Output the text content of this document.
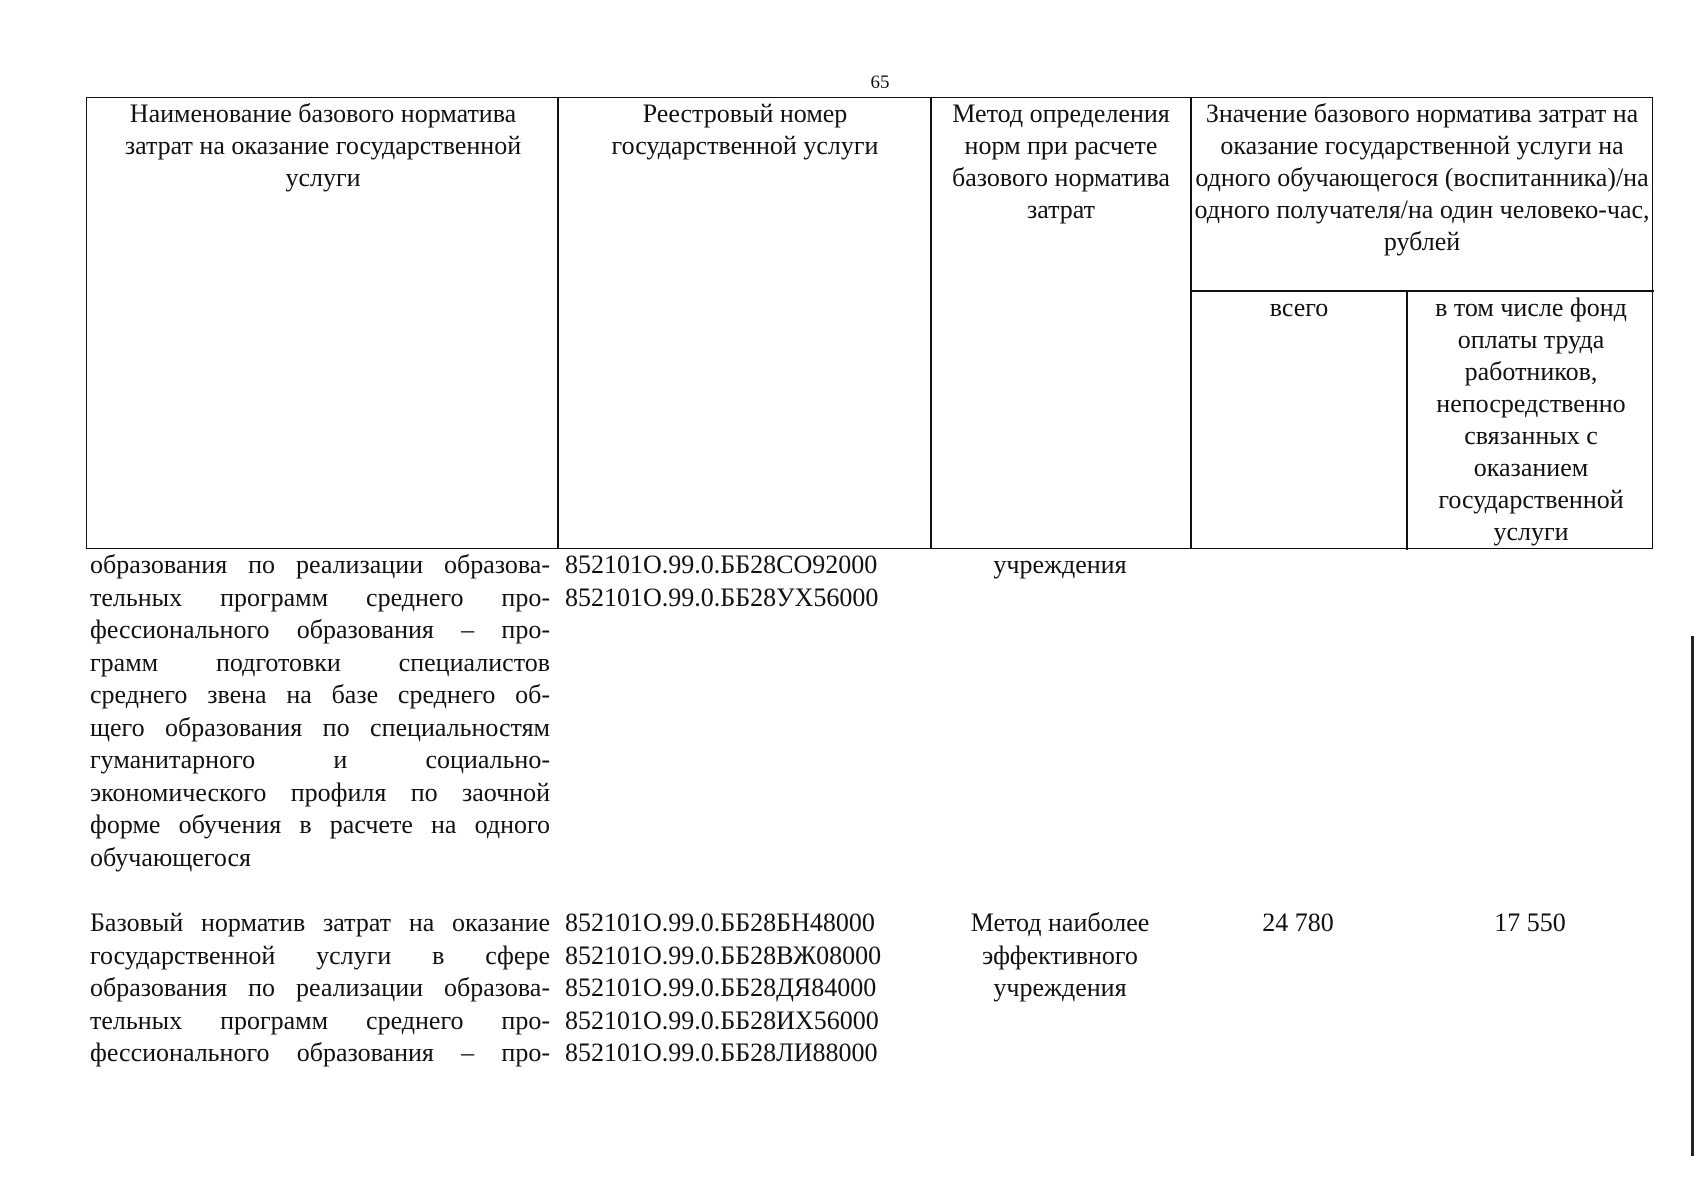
65
Наименование базового норматива затрат на оказание государственной услуги
Реестровый номер государственной услуги
Метод определения норм при расчете базового норматива затрат
Значение базового норматива затрат на оказание государственной услуги на одного обучающегося (воспитанника)/на одного получателя/на один человеко-час, рублей
всего	в том числе фонд оплаты труда работников, непосредственно связанных с оказанием государственной услуги
образования по реализации образова-
тельных программ среднего про-
фессионального образования – про-
грамм подготовки специалистов
среднего звена на базе среднего об-
щего образования по специальностям
гуманитарного и социально-
экономического профиля по заочной
форме обучения в расчете на одного
обучающегося
852101О.99.0.ББ28СО92000
852101О.99.0.ББ28УХ56000
учреждения
Базовый норматив затрат на оказание
государственной услуги в сфере
образования по реализации образова-
тельных программ среднего про-
фессионального образования – про-
852101О.99.0.ББ28БН48000
852101О.99.0.ББ28ВЖ08000
852101О.99.0.ББ28ДЯ84000
852101О.99.0.ББ28ИХ56000
852101О.99.0.ББ28ЛИ88000
Метод наиболее
эффективного
учреждения
24 780	17 550
